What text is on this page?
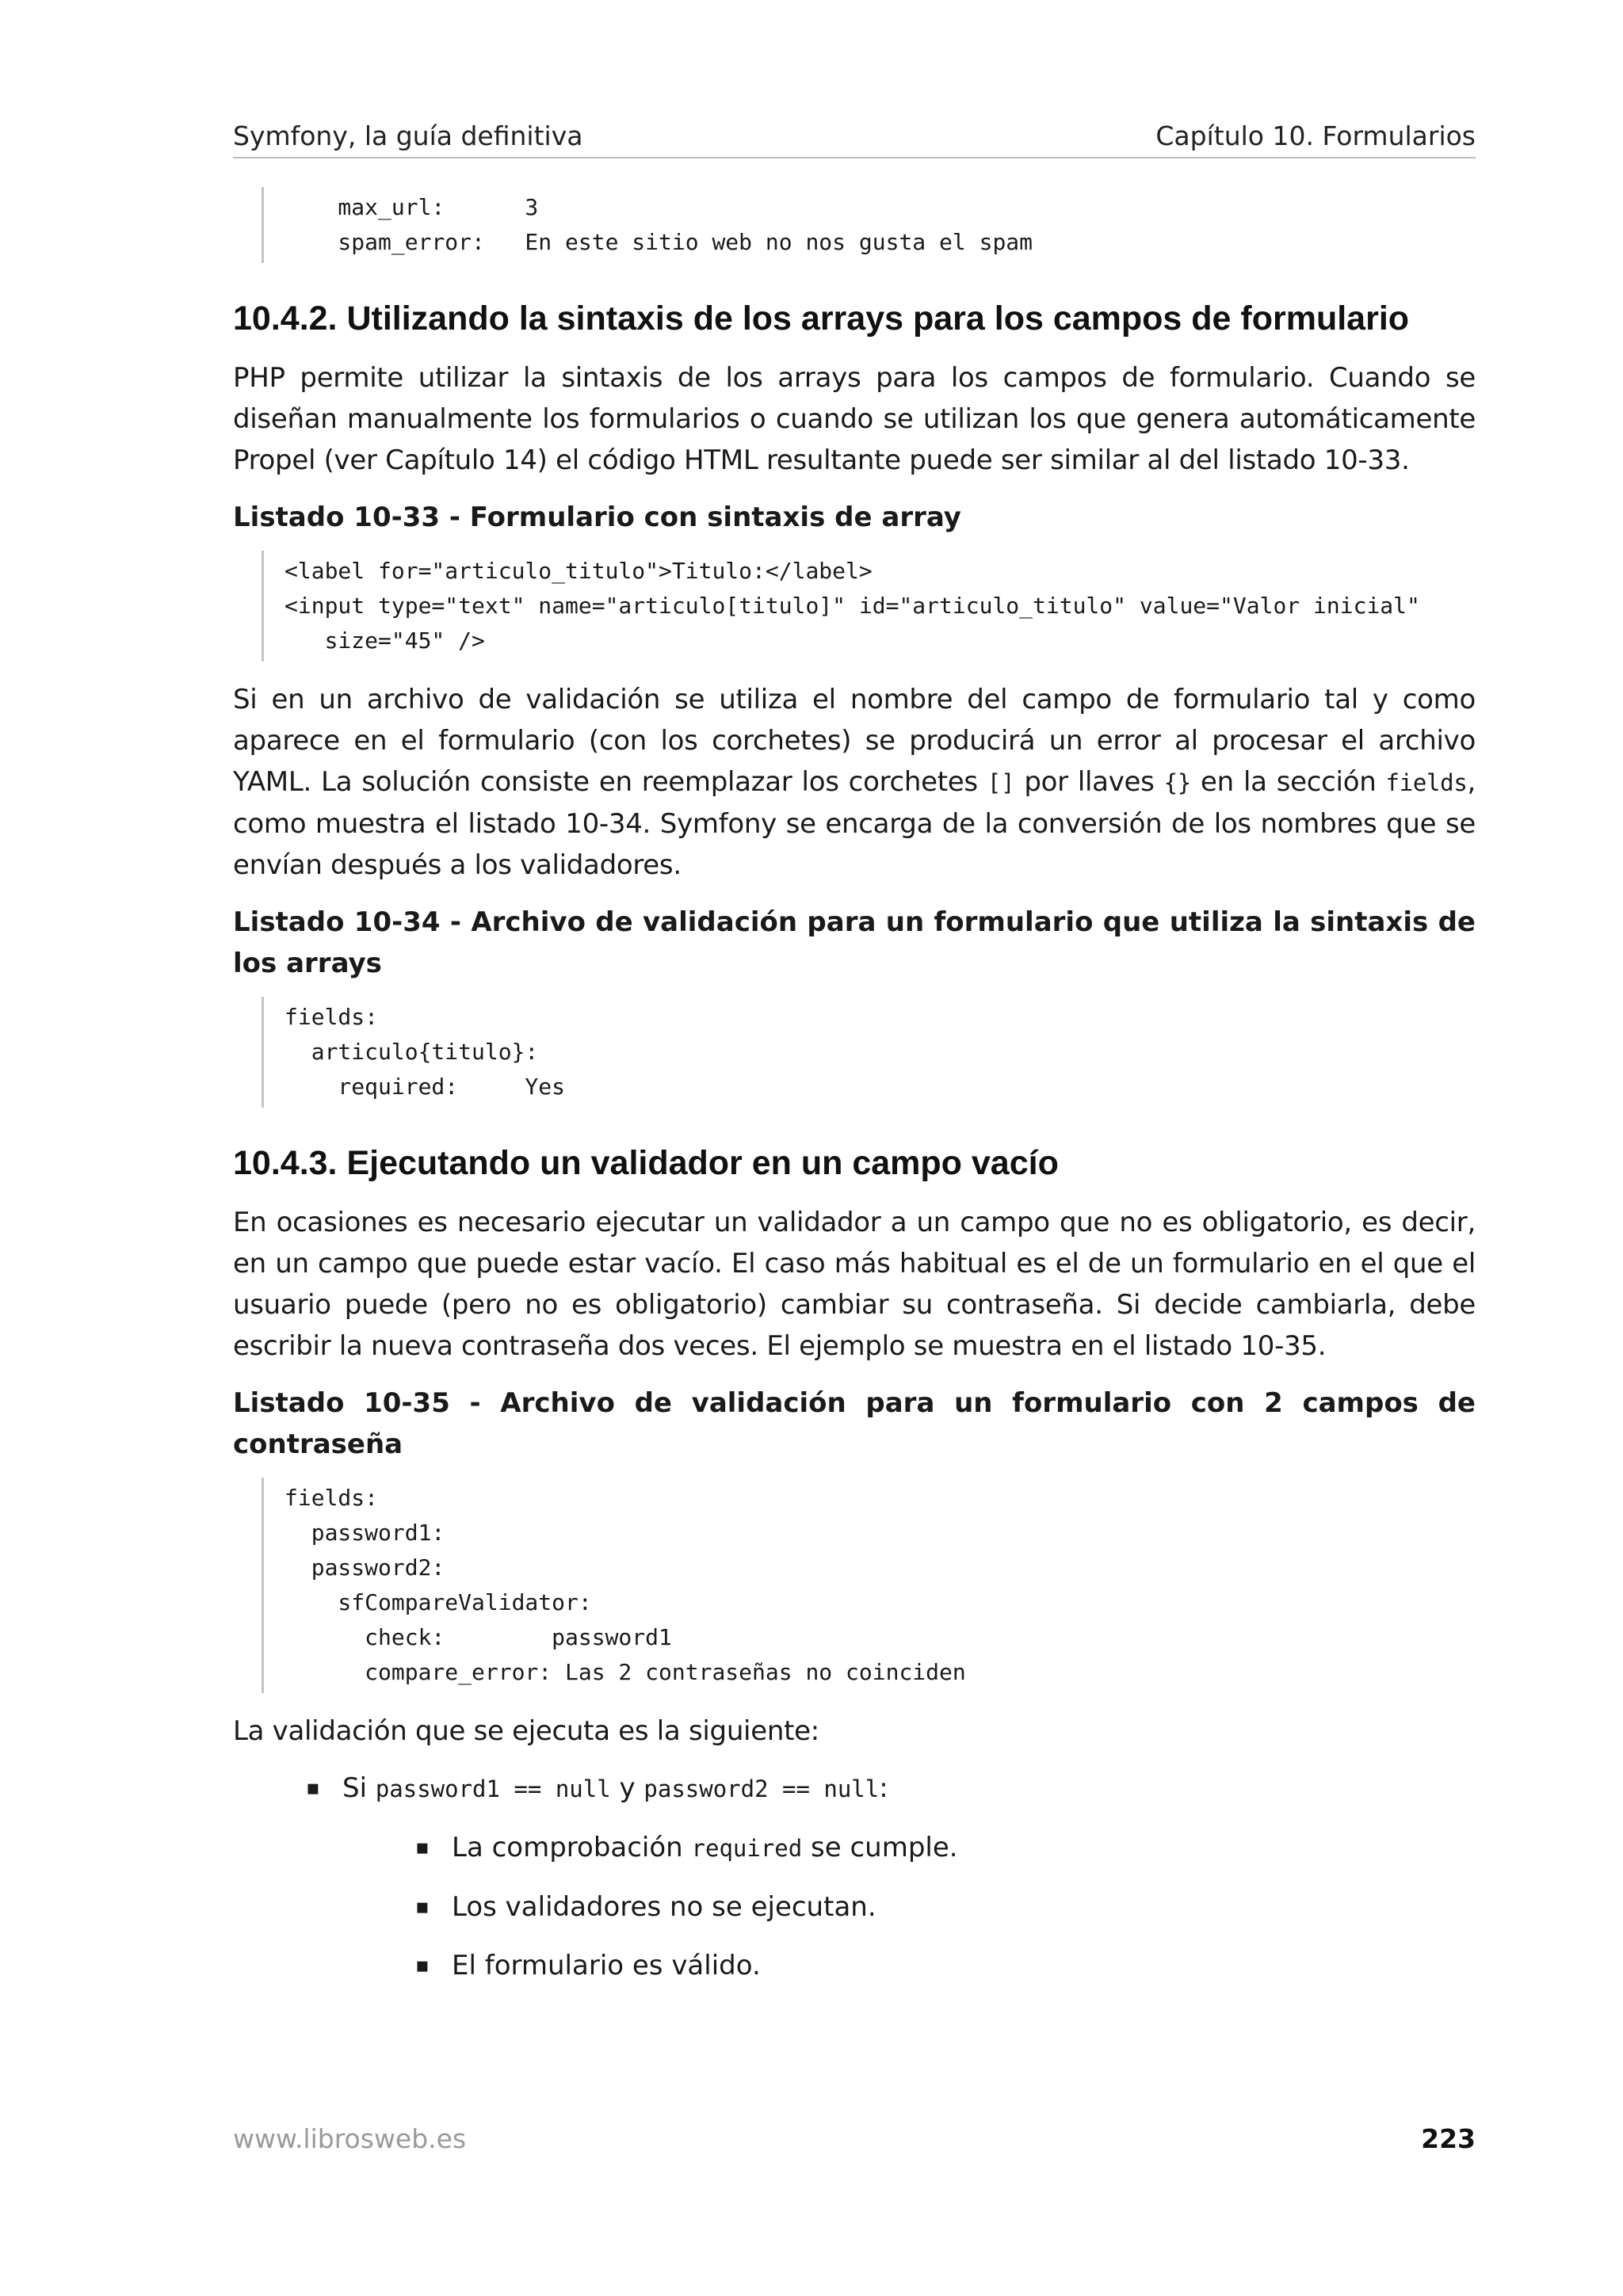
Symfony, la guía definitiva	Capítulo 10. Formularios
max_url:      3
spam_error:   En este sitio web no nos gusta el spam
10.4.2. Utilizando la sintaxis de los arrays para los campos de formulario

PHP permite utilizar la sintaxis de los arrays para los campos de formulario. Cuando se diseñan manualmente los formularios o cuando se utilizan los que genera automáticamente Propel (ver Capítulo 14) el código HTML resultante puede ser similar al del listado 10-33.

Listado 10-33 - Formulario con sintaxis de array
<label for="articulo_titulo">Titulo:</label>
<input type="text" name="articulo[titulo]" id="articulo_titulo" value="Valor inicial"
size="45" />

Si en un archivo de validación se utiliza el nombre del campo de formulario tal y como aparece en el formulario (con los corchetes) se producirá un error al procesar el archivo YAML. La solución consiste en reemplazar los corchetes [] por llaves {} en la sección fields, como muestra el listado 10-34. Symfony se encarga de la conversión de los nombres que se envían después a los validadores.

Listado 10-34 - Archivo de validación para un formulario que utiliza la sintaxis de los arrays
fields:
articulo{titulo}:
required:     Yes
10.4.3. Ejecutando un validador en un campo vacío

En ocasiones es necesario ejecutar un validador a un campo que no es obligatorio, es decir, en un campo que puede estar vacío. El caso más habitual es el de un formulario en el que el usuario puede (pero no es obligatorio) cambiar su contraseña. Si decide cambiarla, debe escribir la nueva contraseña dos veces. El ejemplo se muestra en el listado 10-35.

Listado 10-35 - Archivo de validación para un formulario con 2 campos de contraseña
fields:
password1:
password2:
sfCompareValidator:
check:        password1
compare_error: Las 2 contraseñas no coinciden

La validación que se ejecuta es la siguiente:

▪ Si password1 == null y password2 == null:
▪ La comprobación required se cumple.
▪ Los validadores no se ejecutan.
▪ El formulario es válido.
www.librosweb.es	223
